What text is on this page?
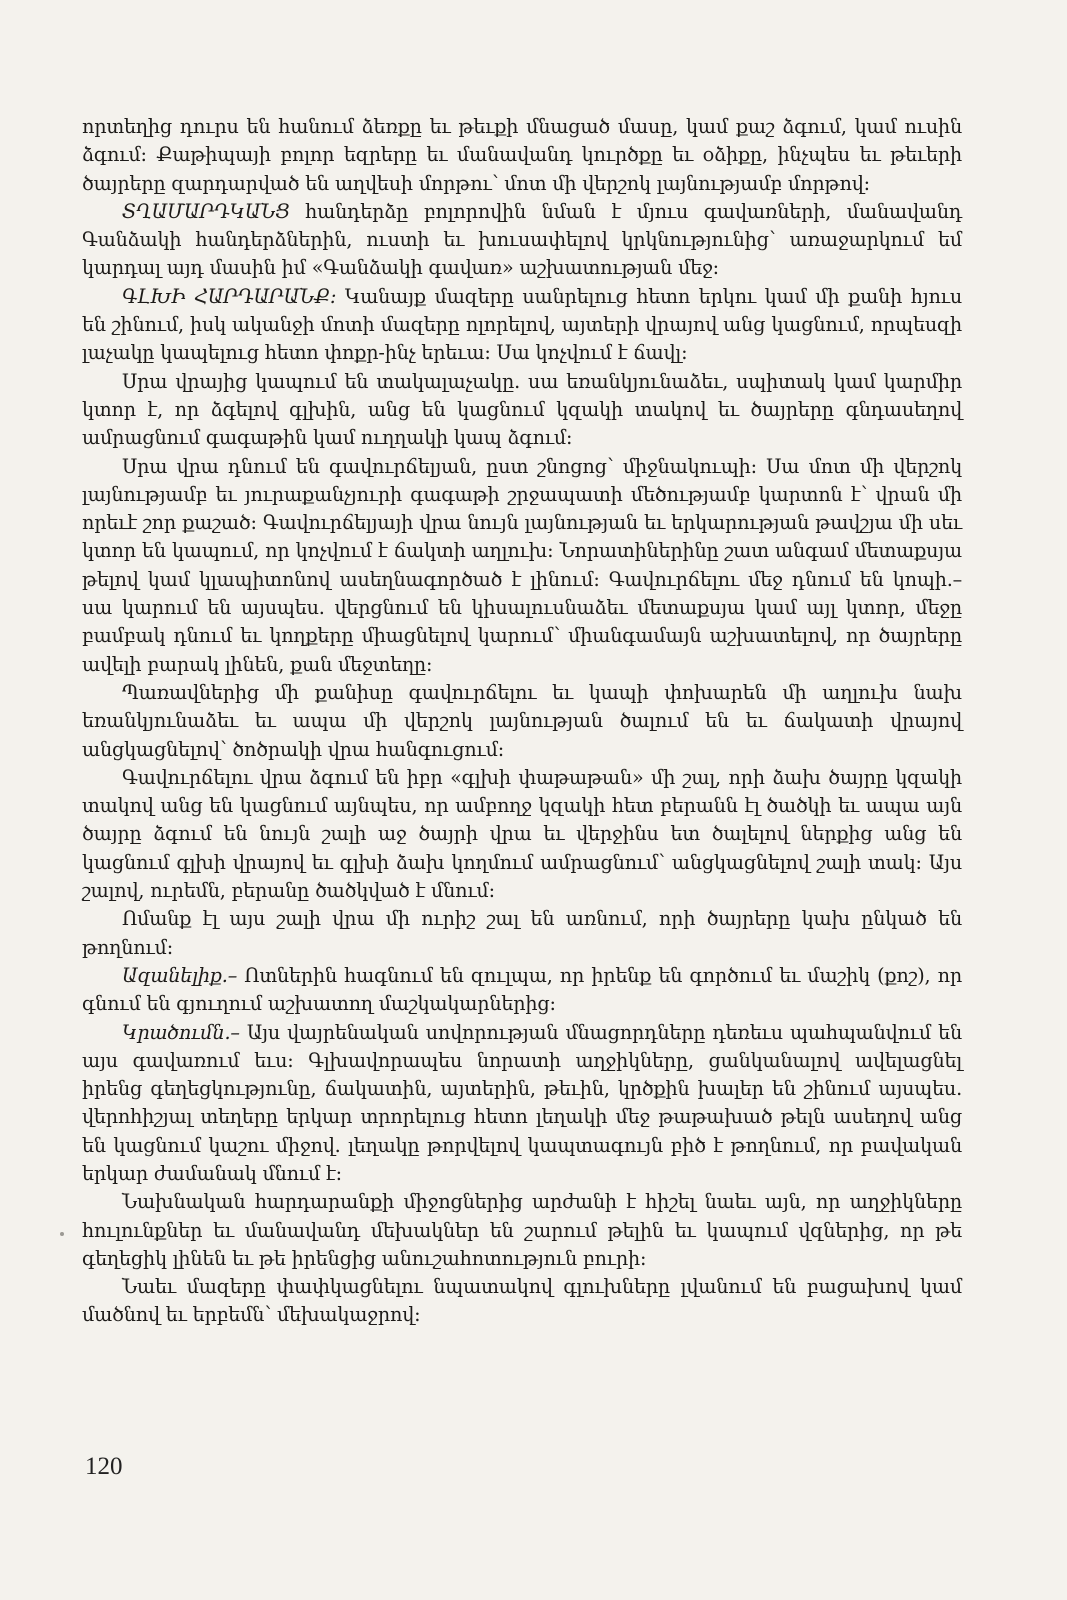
որտեղից դուրս են հանում ձեռքը եւ թեւքի մնացած մասը, կամ քաշ ձգում, կամ ուսին ձգում: Քաթիպայի բոլոր եզրերը եւ մանավանդ կուրծքը եւ օձիքը, ինչպես եւ թեւերի ծայրերը զարդարված են աղվեսի մորթու՝ մոտ մի վերշոկ լայնությամբ մորթով:

ՏՂԱՄԱՐԴԿԱՆՑ հանդերձը բոլորովին նման է մյուս գավառների, մանավանդ Գանձակի հանդերձներին, ուստի եւ խուսափելով կրկնությունից՝ առաջարկում եմ կարդալ այդ մասին իմ «Գանձակի գավառ» աշխատության մեջ:

ԳԼԽԻ ՀԱՐԴԱՐԱՆՔ: Կանայք մազերը սանրելուց հետո երկու կամ մի քանի հյուս են շինում, իսկ ականջի մոտի մազերը ոլորելով, այտերի վրայով անց կացնում, որպեսզի լաչակը կապելուց հետո փոքր-ինչ երեւա: Սա կոչվում է ճավլ:

Սրա վրայից կապում են տակալաչակը. սա եռանկյունաձեւ, սպիտակ կամ կարմիր կտոր է, որ ձգելով գլխին, անց են կացնում կզակի տակով եւ ծայրերը գնդասեղով ամրացնում գագաթին կամ ուղղակի կապ ձգում:

Սրա վրա դնում են գավուրճելյան, ըստ շնոցոց՝ միջնակուպի: Սա մոտ մի վերշոկ լայնությամբ եւ յուրաքանչյուրի գագաթի շրջապատի մեծությամբ կարտոն է՝ վրան մի որեւէ շոր քաշած: Գավուրճելյայի վրա նույն լայնության եւ երկարության թավշյա մի սեւ կտոր են կապում, որ կոչվում է ճակտի աղլուխ: Նորատիներինը շատ անգամ մետաքսյա թելով կամ կլապիտոնով ասեղնագործած է լինում: Գավուրճելու մեջ դնում են կոպի.– սա կարում են այսպես. վերցնում են կիսալուսնաձեւ մետաքսյա կամ այլ կտոր, մեջը բամբակ դնում եւ կողքերը միացնելով կարում՝ միանգամայն աշխատելով, որ ծայրերը ավելի բարակ լինեն, քան մեջտեղը:

Պառավներից մի քանիսը գավուրճելու եւ կապի փոխարեն մի աղլուխ նախ եռանկյունաձեւ եւ ապա մի վերշոկ լայնության ծալում են եւ ճակատի վրայով անցկացնելով՝ ծոծրակի վրա հանգուցում:

Գավուրճելու վրա ձգում են իբր «գլխի փաթաթան» մի շալ, որի ձախ ծայրը կզակի տակով անց են կացնում այնպես, որ ամբողջ կզակի հետ բերանն էլ ծածկի եւ ապա այն ծայրը ձգում են նույն շալի աջ ծայրի վրա եւ վերջինս ետ ծալելով ներքից անց են կացնում գլխի վրայով եւ գլխի ձախ կողմում ամրացնում՝ անցկացնելով շալի տակ: Այս շալով, ուրեմն, բերանը ծածկված է մնում:

Ոմանք էլ այս շալի վրա մի ուրիշ շալ են առնում, որի ծայրերը կախ ընկած են թողնում:

Ազանելիք.– Ոտներին հագնում են զուլպա, որ իրենք են գործում եւ մաշիկ (քոշ), որ գնում են գյուղում աշխատող մաշկակարներից:

Կրածումն.– Այս վայրենական սովորության մնացորդները դեռեւս պահպանվում են այս գավառում եւս: Գլխավորապես նորատի աղջիկները, ցանկանալով ավելացնել իրենց գեղեցկությունը, ճակատին, այտերին, թեւին, կրծքին խալեր են շինում այսպես. վերոհիշյալ տեղերը երկար տրորելուց հետո լեղակի մեջ թաթախած թելն ասեղով անց են կացնում կաշու միջով. լեղակը թորվելով կապտագույն բիծ է թողնում, որ բավական երկար ժամանակ մնում է:

Նախնական հարդարանքի միջոցներից արժանի է հիշել նաեւ այն, որ աղջիկները հուլունքներ եւ մանավանդ մեխակներ են շարում թելին եւ կապում վզներից, որ թե գեղեցիկ լինեն եւ թե իրենցից անուշահոտություն բուրի:

Նաեւ մազերը փափկացնելու նպատակով գլուխները լվանում են բացախով կամ մածնով եւ երբեմն՝ մեխակաջրով:

120
